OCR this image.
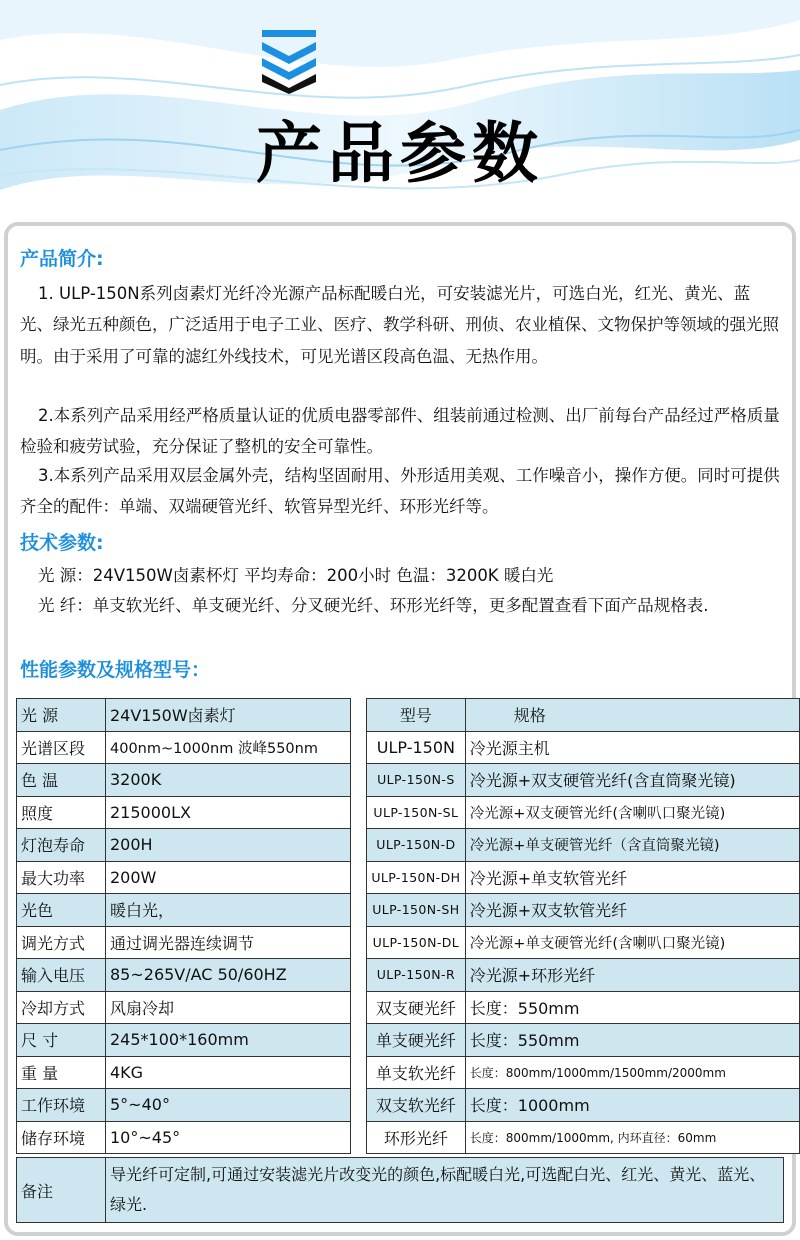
产品参数
产品简介:
1. ULP-150N系列卤素灯光纤冷光源产品标配暖白光，可安装滤光片，可选白光，红光、黄光、蓝光、绿光五种颜色，广泛适用于电子工业、医疗、教学科研、刑侦、农业植保、文物保护等领域的强光照明。由于采用了可靠的滤红外线技术，可见光谱区段高色温、无热作用。
2.本系列产品采用经严格质量认证的优质电器零部件、组装前通过检测、出厂前每台产品经过严格质量检验和疲劳试验，充分保证了整机的安全可靠性。
3.本系列产品采用双层金属外壳，结构坚固耐用、外形适用美观、工作噪音小，操作方便。同时可提供齐全的配件：单端、双端硬管光纤、软管异型光纤、环形光纤等。
技术参数:
光 源：24V150W卤素杯灯 平均寿命：200小时 色温：3200K 暖白光
光 纤：单支软光纤、单支硬光纤、分叉硬光纤、环形光纤等，更多配置查看下面产品规格表.
性能参数及规格型号：
光 源	24V150W卤素灯
光谱区段	400nm~1000nm 波峰550nm
色 温	3200K
照度	215000LX
灯泡寿命	200H
最大功率	200W
光色	暖白光，
调光方式	通过调光器连续调节
输入电压	85~265V/AC 50/60HZ
冷却方式	风扇冷却
尺 寸	245*100*160mm
重 量	4KG
工作环境	5°~40°
储存环境	10°~45°
型号	规格
ULP-150N	冷光源主机
ULP-150N-S	冷光源+双支硬管光纤(含直筒聚光镜)
ULP-150N-SL	冷光源+双支硬管光纤(含喇叭口聚光镜)
ULP-150N-D	冷光源+单支硬管光纤（含直筒聚光镜)
ULP-150N-DH	冷光源+单支软管光纤
ULP-150N-SH	冷光源+双支软管光纤
ULP-150N-DL	冷光源+单支硬管光纤(含喇叭口聚光镜)
ULP-150N-R	冷光源+环形光纤
双支硬光纤	长度：550mm
单支硬光纤	长度：550mm
单支软光纤	长度：800mm/1000mm/1500mm/2000mm
双支软光纤	长度：1000mm
环形光纤	长度：800mm/1000mm, 内环直径：60mm
备注	导光纤可定制,可通过安装滤光片改变光的颜色,标配暖白光,可选配白光、红光、黄光、蓝光、绿光.
